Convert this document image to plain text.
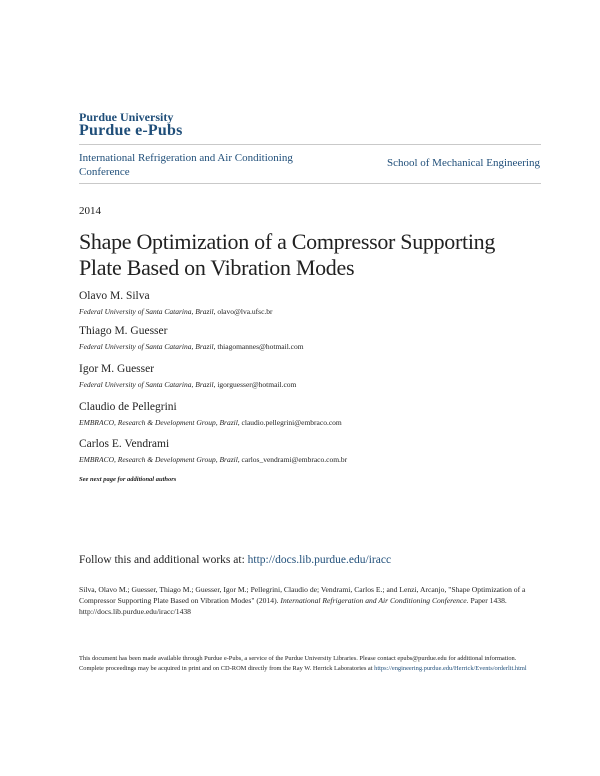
Purdue University
Purdue e-Pubs
International Refrigeration and Air Conditioning Conference
School of Mechanical Engineering
2014
Shape Optimization of a Compressor Supporting Plate Based on Vibration Modes
Olavo M. Silva
Federal University of Santa Catarina, Brazil, olavo@lva.ufsc.br
Thiago M. Guesser
Federal University of Santa Catarina, Brazil, thiagomannes@hotmail.com
Igor M. Guesser
Federal University of Santa Catarina, Brazil, igorguesser@hotmail.com
Claudio de Pellegrini
EMBRACO, Research & Development Group, Brazil, claudio.pellegrini@embraco.com
Carlos E. Vendrami
EMBRACO, Research & Development Group, Brazil, carlos_vendrami@embraco.com.br
See next page for additional authors
Follow this and additional works at: http://docs.lib.purdue.edu/iracc
Silva, Olavo M.; Guesser, Thiago M.; Guesser, Igor M.; Pellegrini, Claudio de; Vendrami, Carlos E.; and Lenzi, Arcanjo, "Shape Optimization of a Compressor Supporting Plate Based on Vibration Modes" (2014). International Refrigeration and Air Conditioning Conference. Paper 1438.
http://docs.lib.purdue.edu/iracc/1438
This document has been made available through Purdue e-Pubs, a service of the Purdue University Libraries. Please contact epubs@purdue.edu for additional information.
Complete proceedings may be acquired in print and on CD-ROM directly from the Ray W. Herrick Laboratories at https://engineering.purdue.edu/Herrick/Events/orderlit.html
